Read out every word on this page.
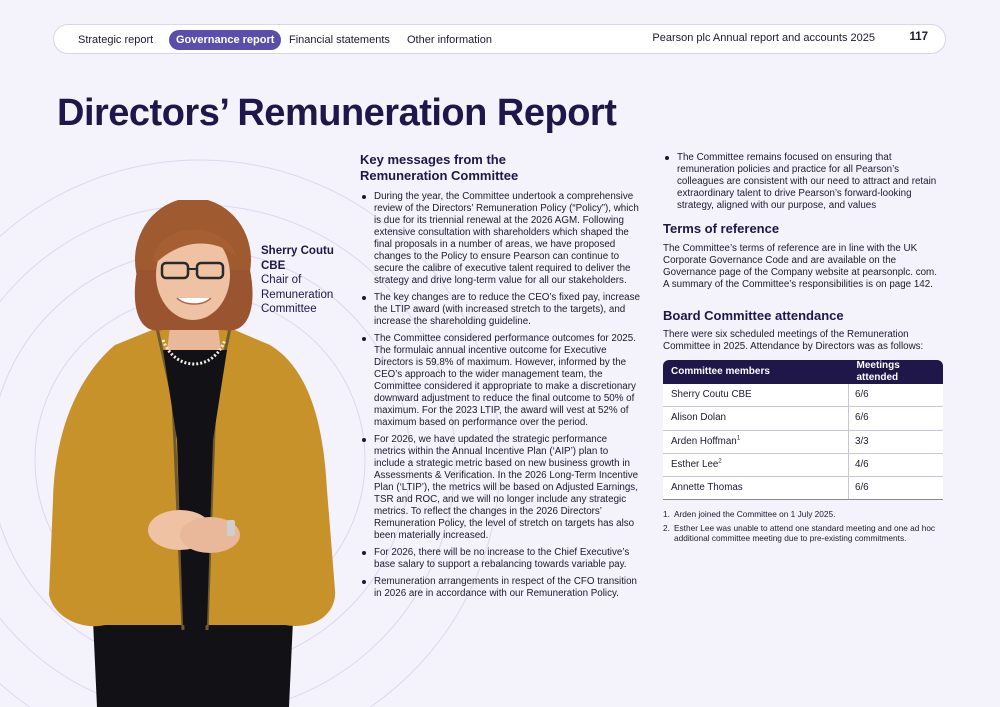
Strategic report	Governance report	Financial statements Other information	Pearson plc Annual report and accounts 2025	117
Directors’ Remuneration Report
Sherry Coutu CBE
Chair of Remuneration Committee
Key messages from the Remuneration Committee
During the year, the Committee undertook a comprehensive review of the Directors’ Remuneration Policy (“Policy”), which is due for its triennial renewal at the 2026 AGM. Following extensive consultation with shareholders which shaped the final proposals in a number of areas, we have proposed changes to the Policy to ensure Pearson can continue to secure the calibre of executive talent required to deliver the strategy and drive long-term value for all our stakeholders.
The key changes are to reduce the CEO’s fixed pay, increase the LTIP award (with increased stretch to the targets), and increase the shareholding guideline.
The Committee considered performance outcomes for 2025. The formulaic annual incentive outcome for Executive Directors is 59.8% of maximum. However, informed by the CEO’s approach to the wider management team, the Committee considered it appropriate to make a discretionary downward adjustment to reduce the final outcome to 50% of maximum. For the 2023 LTIP, the award will vest at 52% of maximum based on performance over the period.
For 2026, we have updated the strategic performance metrics within the Annual Incentive Plan (‘AIP’) plan to include a strategic metric based on new business growth in Assessments & Verification. In the 2026 Long-Term Incentive Plan (‘LTIP’), the metrics will be based on Adjusted Earnings, TSR and ROC, and we will no longer include any strategic metrics. To reflect the changes in the 2026 Directors’ Remuneration Policy, the level of stretch on targets has also been materially increased.
For 2026, there will be no increase to the Chief Executive’s base salary to support a rebalancing towards variable pay.
Remuneration arrangements in respect of the CFO transition in 2026 are in accordance with our Remuneration Policy.
The Committee remains focused on ensuring that remuneration policies and practice for all Pearson’s colleagues are consistent with our need to attract and retain extraordinary talent to drive Pearson’s forward-looking strategy, aligned with our purpose, and values
Terms of reference

The Committee’s terms of reference are in line with the UK Corporate Governance Code and are available on the Governance page of the Company website at pearsonplc. com. A summary of the Committee’s responsibilities is on page 142.

Board Committee attendance

There were six scheduled meetings of the Remuneration Committee in 2025. Attendance by Directors was as follows:

Committee members	Meetings attended
Sherry Coutu CBE	6/6
Alison Dolan	6/6
Arden Hoffman$^1$	3/3
Esther Lee$^2$	4/6
Annette Thomas	6/6
1. Arden joined the Committee on 1 July 2025.
2. Esther Lee was unable to attend one standard meeting and one ad hoc additional committee meeting due to pre-existing commitments.
